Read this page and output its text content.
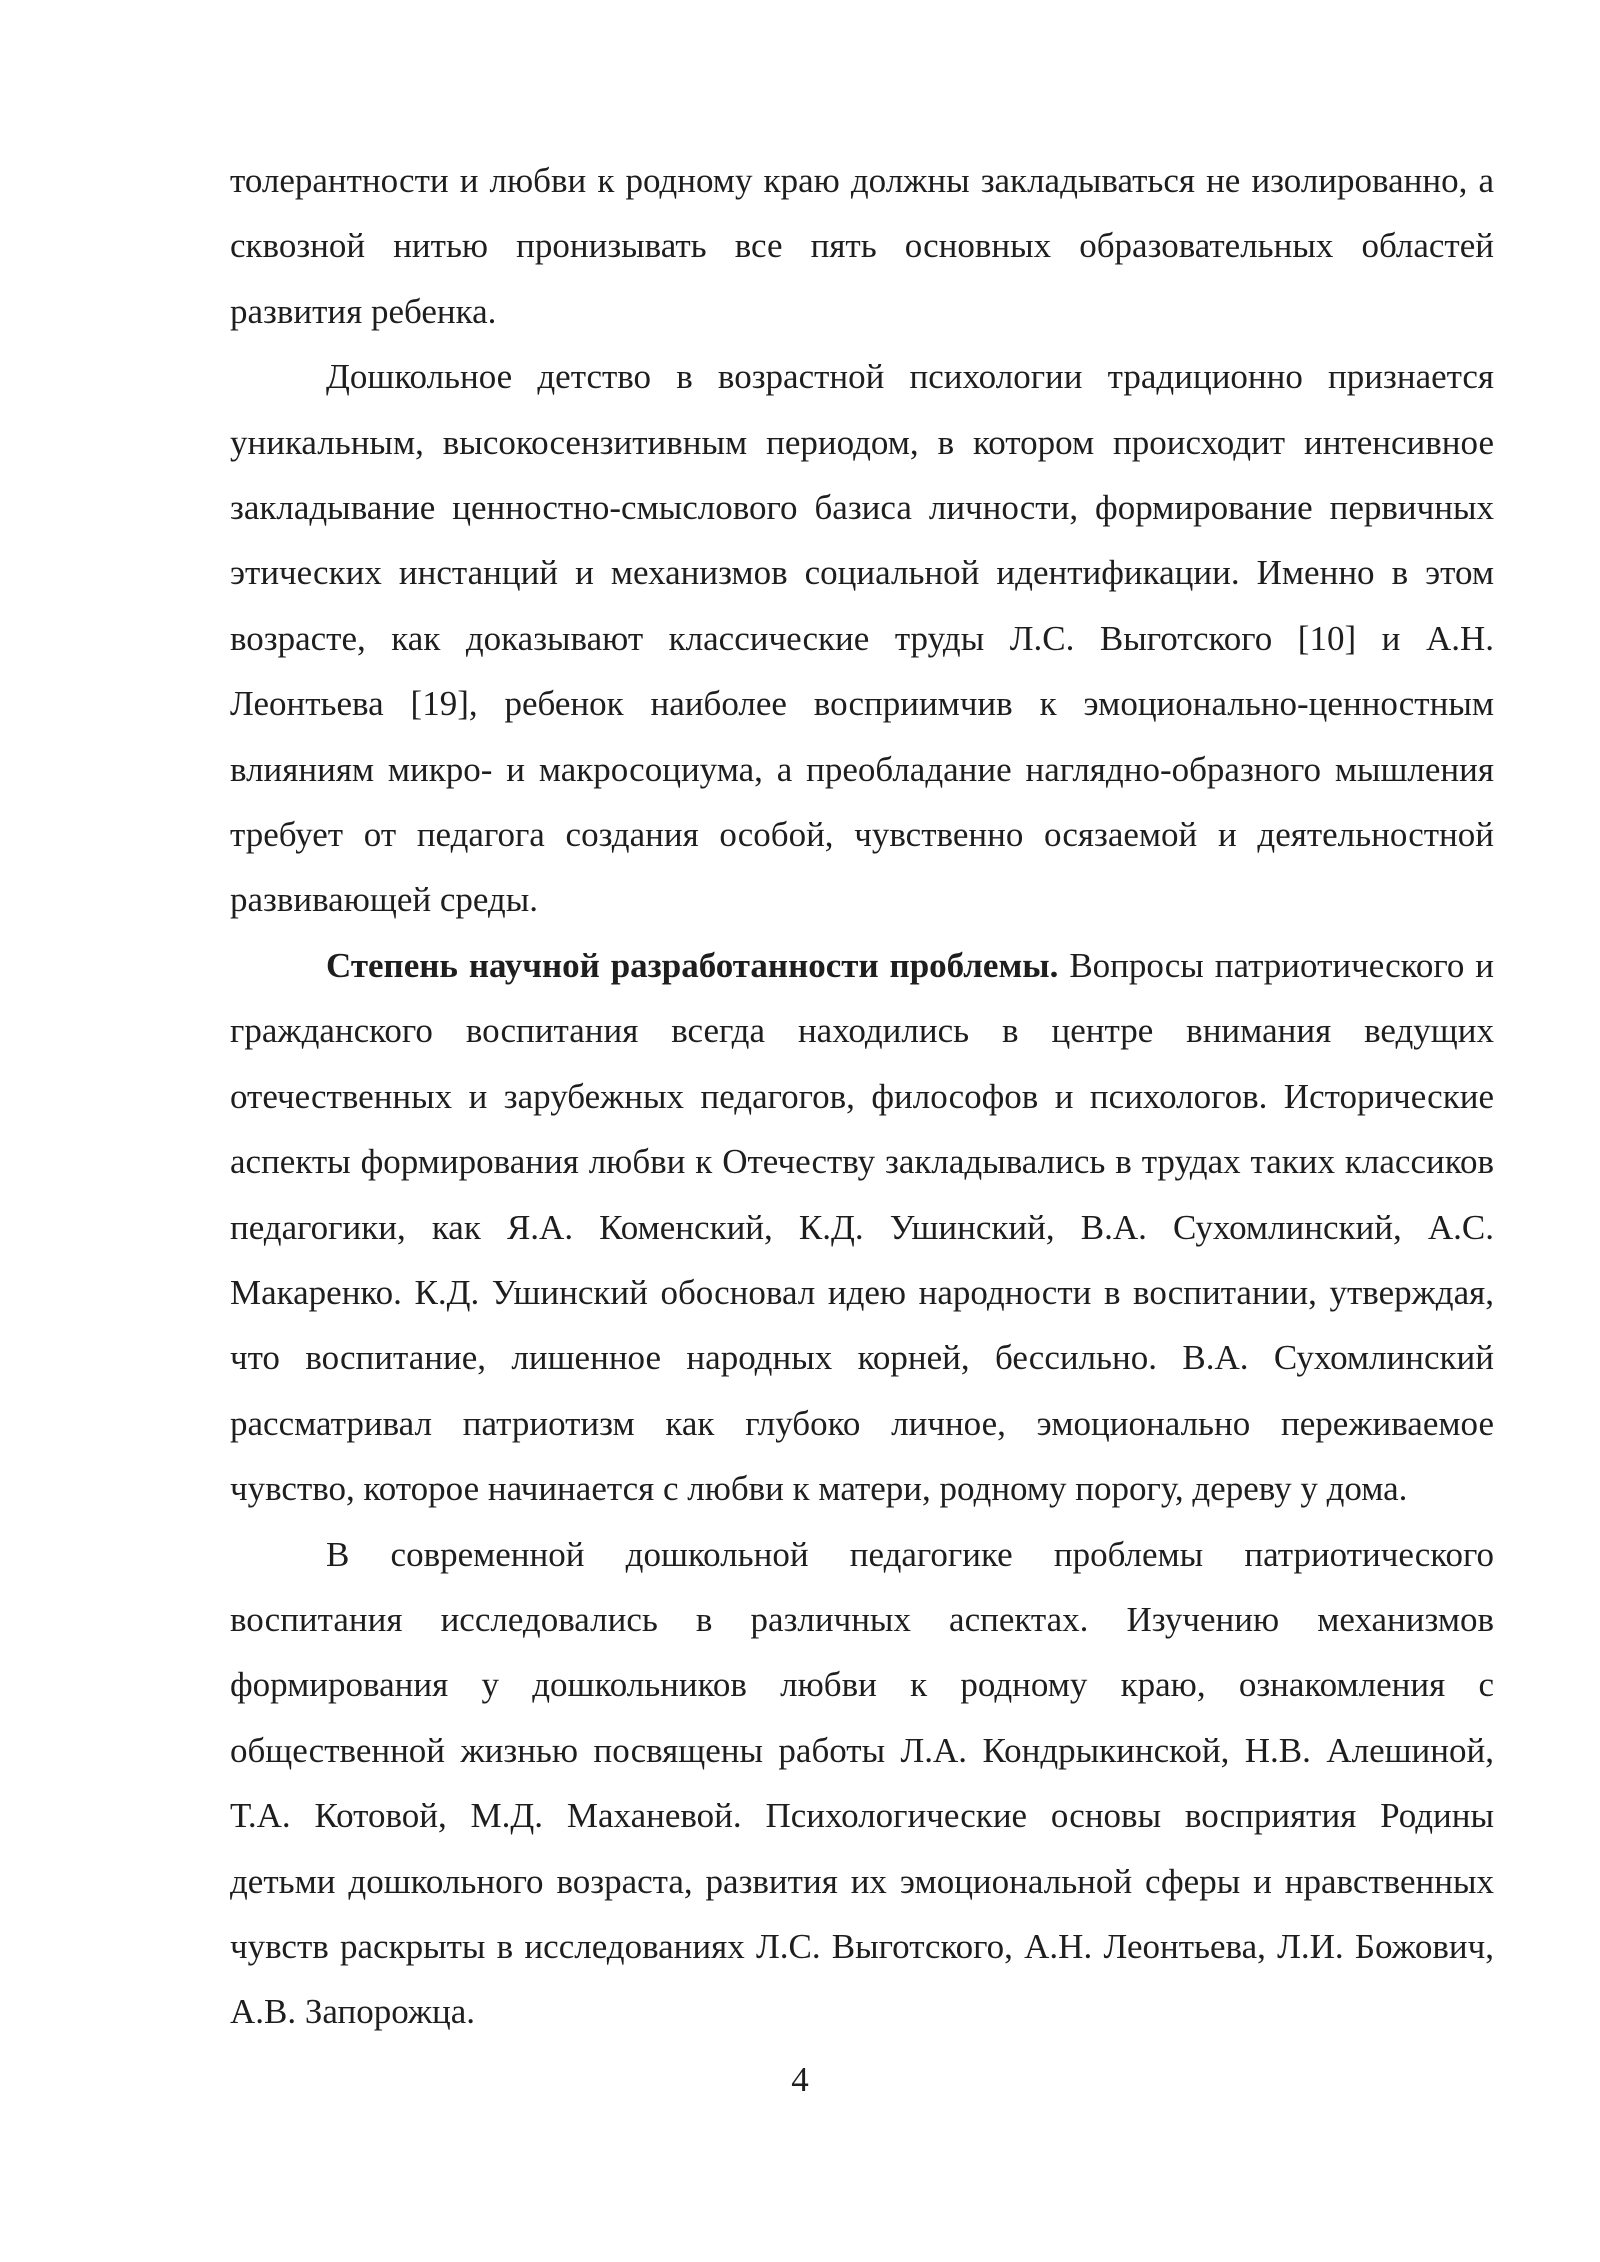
толерантности и любви к родному краю должны закладываться не изолированно, а сквозной нитью пронизывать все пять основных образовательных областей развития ребенка.

Дошкольное детство в возрастной психологии традиционно признается уникальным, высокосензитивным периодом, в котором происходит интенсивное закладывание ценностно-смыслового базиса личности, формирование первичных этических инстанций и механизмов социальной идентификации. Именно в этом возрасте, как доказывают классические труды Л.С. Выготского [10] и А.Н. Леонтьева [19], ребенок наиболее восприимчив к эмоционально-ценностным влияниям микро- и макросоциума, а преобладание наглядно-образного мышления требует от педагога создания особой, чувственно осязаемой и деятельностной развивающей среды.

Степень научной разработанности проблемы. Вопросы патриотического и гражданского воспитания всегда находились в центре внимания ведущих отечественных и зарубежных педагогов, философов и психологов. Исторические аспекты формирования любви к Отечеству закладывались в трудах таких классиков педагогики, как Я.А. Коменский, К.Д. Ушинский, В.А. Сухомлинский, А.С. Макаренко. К.Д. Ушинский обосновал идею народности в воспитании, утверждая, что воспитание, лишенное народных корней, бессильно. В.А. Сухомлинский рассматривал патриотизм как глубоко личное, эмоционально переживаемое чувство, которое начинается с любви к матери, родному порогу, дереву у дома.

В современной дошкольной педагогике проблемы патриотического воспитания исследовались в различных аспектах. Изучению механизмов формирования у дошкольников любви к родному краю, ознакомления с общественной жизнью посвящены работы Л.А. Кондрыкинской, Н.В. Алешиной, Т.А. Котовой, М.Д. Маханевой. Психологические основы восприятия Родины детьми дошкольного возраста, развития их эмоциональной сферы и нравственных чувств раскрыты в исследованиях Л.С. Выготского, А.Н. Леонтьева, Л.И. Божович, А.В. Запорожца.

4
